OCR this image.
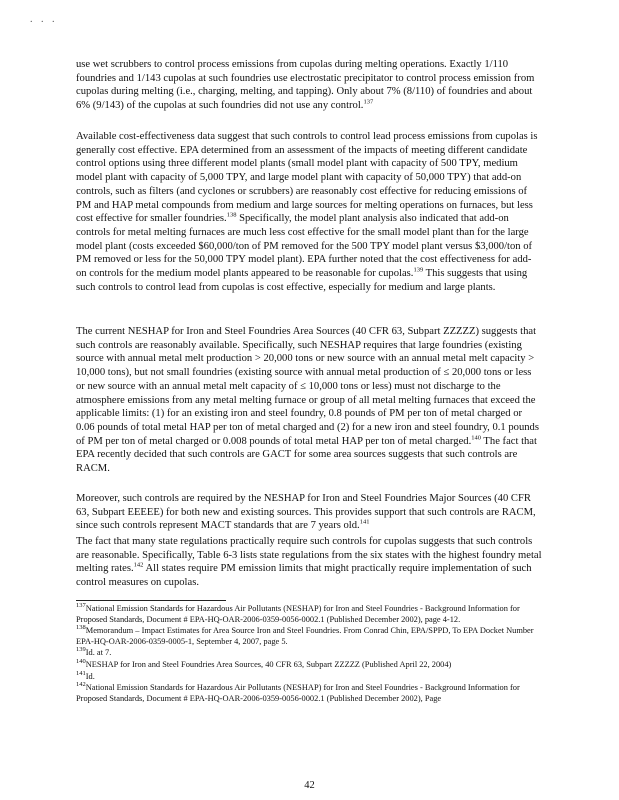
. . .

use wet scrubbers to control process emissions from cupolas during melting operations. Exactly 1/110 foundries and 1/143 cupolas at such foundries use electrostatic precipitator to control process emission from cupolas during melting (i.e., charging, melting, and tapping). Only about 7% (8/110) of foundries and about 6% (9/143) of the cupolas at such foundries did not use any control.$^{137}$

Available cost-effectiveness data suggest that such controls to control lead process emissions from cupolas is generally cost effective. EPA determined from an assessment of the impacts of meeting different candidate control options using three different model plants (small model plant with capacity of 500 TPY, medium model plant with capacity of 5,000 TPY, and large model plant with capacity of 50,000 TPY) that add-on controls, such as filters (and cyclones or scrubbers) are reasonably cost effective for reducing emissions of PM and HAP metal compounds from medium and large sources for melting operations on furnaces, but less cost effective for smaller foundries.$^{138}$ Specifically, the model plant analysis also indicated that add-on controls for metal melting furnaces are much less cost effective for the small model plant than for the large model plant (costs exceeded $60,000/ton of PM removed for the 500 TPY model plant versus $3,000/ton of PM removed or less for the 50,000 TPY model plant). EPA further noted that the cost effectiveness for add-on controls for the medium model plants appeared to be reasonable for cupolas.$^{139}$ This suggests that using such controls to control lead from cupolas is cost effective, especially for medium and large plants.

The current NESHAP for Iron and Steel Foundries Area Sources (40 CFR 63, Subpart ZZZZZ) suggests that such controls are reasonably available. Specifically, such NESHAP requires that large foundries (existing source with annual metal melt production > 20,000 tons or new source with an annual metal melt capacity > 10,000 tons), but not small foundries (existing source with annual metal production of ≤ 20,000 tons or less or new source with an annual metal melt capacity of ≤ 10,000 tons or less) must not discharge to the atmosphere emissions from any metal melting furnace or group of all metal melting furnaces that exceed the applicable limits: (1) for an existing iron and steel foundry, 0.8 pounds of PM per ton of metal charged or 0.06 pounds of total metal HAP per ton of metal charged and (2) for a new iron and steel foundry, 0.1 pounds of PM per ton of metal charged or 0.008 pounds of total metal HAP per ton of metal charged.$^{140}$ The fact that EPA recently decided that such controls are GACT for some area sources suggests that such controls are RACM.

Moreover, such controls are required by the NESHAP for Iron and Steel Foundries Major Sources (40 CFR 63, Subpart EEEEE) for both new and existing sources. This provides support that such controls are RACM, since such controls represent MACT standards that are 7 years old.$^{141}$

The fact that many state regulations practically require such controls for cupolas suggests that such controls are reasonable. Specifically, Table 6-3 lists state regulations from the six states with the highest foundry metal melting rates.$^{142}$ All states require PM emission limits that might practically require implementation of such control measures on cupolas.

$^{137}$National Emission Standards for Hazardous Air Pollutants (NESHAP) for Iron and Steel Foundries - Background Information for Proposed Standards, Document # EPA-HQ-OAR-2006-0359-0056-0002.1 (Published December 2002), page 4-12.

$^{138}$Memorandum – Impact Estimates for Area Source Iron and Steel Foundries. From Conrad Chin, EPA/SPPD, To EPA Docket Number EPA-HQ-OAR-2006-0359-0005-1, September 4, 2007, page 5.

$^{139}$Id. at 7.

$^{140}$NESHAP for Iron and Steel Foundries Area Sources, 40 CFR 63, Subpart ZZZZZ (Published April 22, 2004)

$^{141}$Id.

$^{142}$National Emission Standards for Hazardous Air Pollutants (NESHAP) for Iron and Steel Foundries - Background Information for Proposed Standards, Document # EPA-HQ-OAR-2006-0359-0056-0002.1 (Published December 2002), Page

42
